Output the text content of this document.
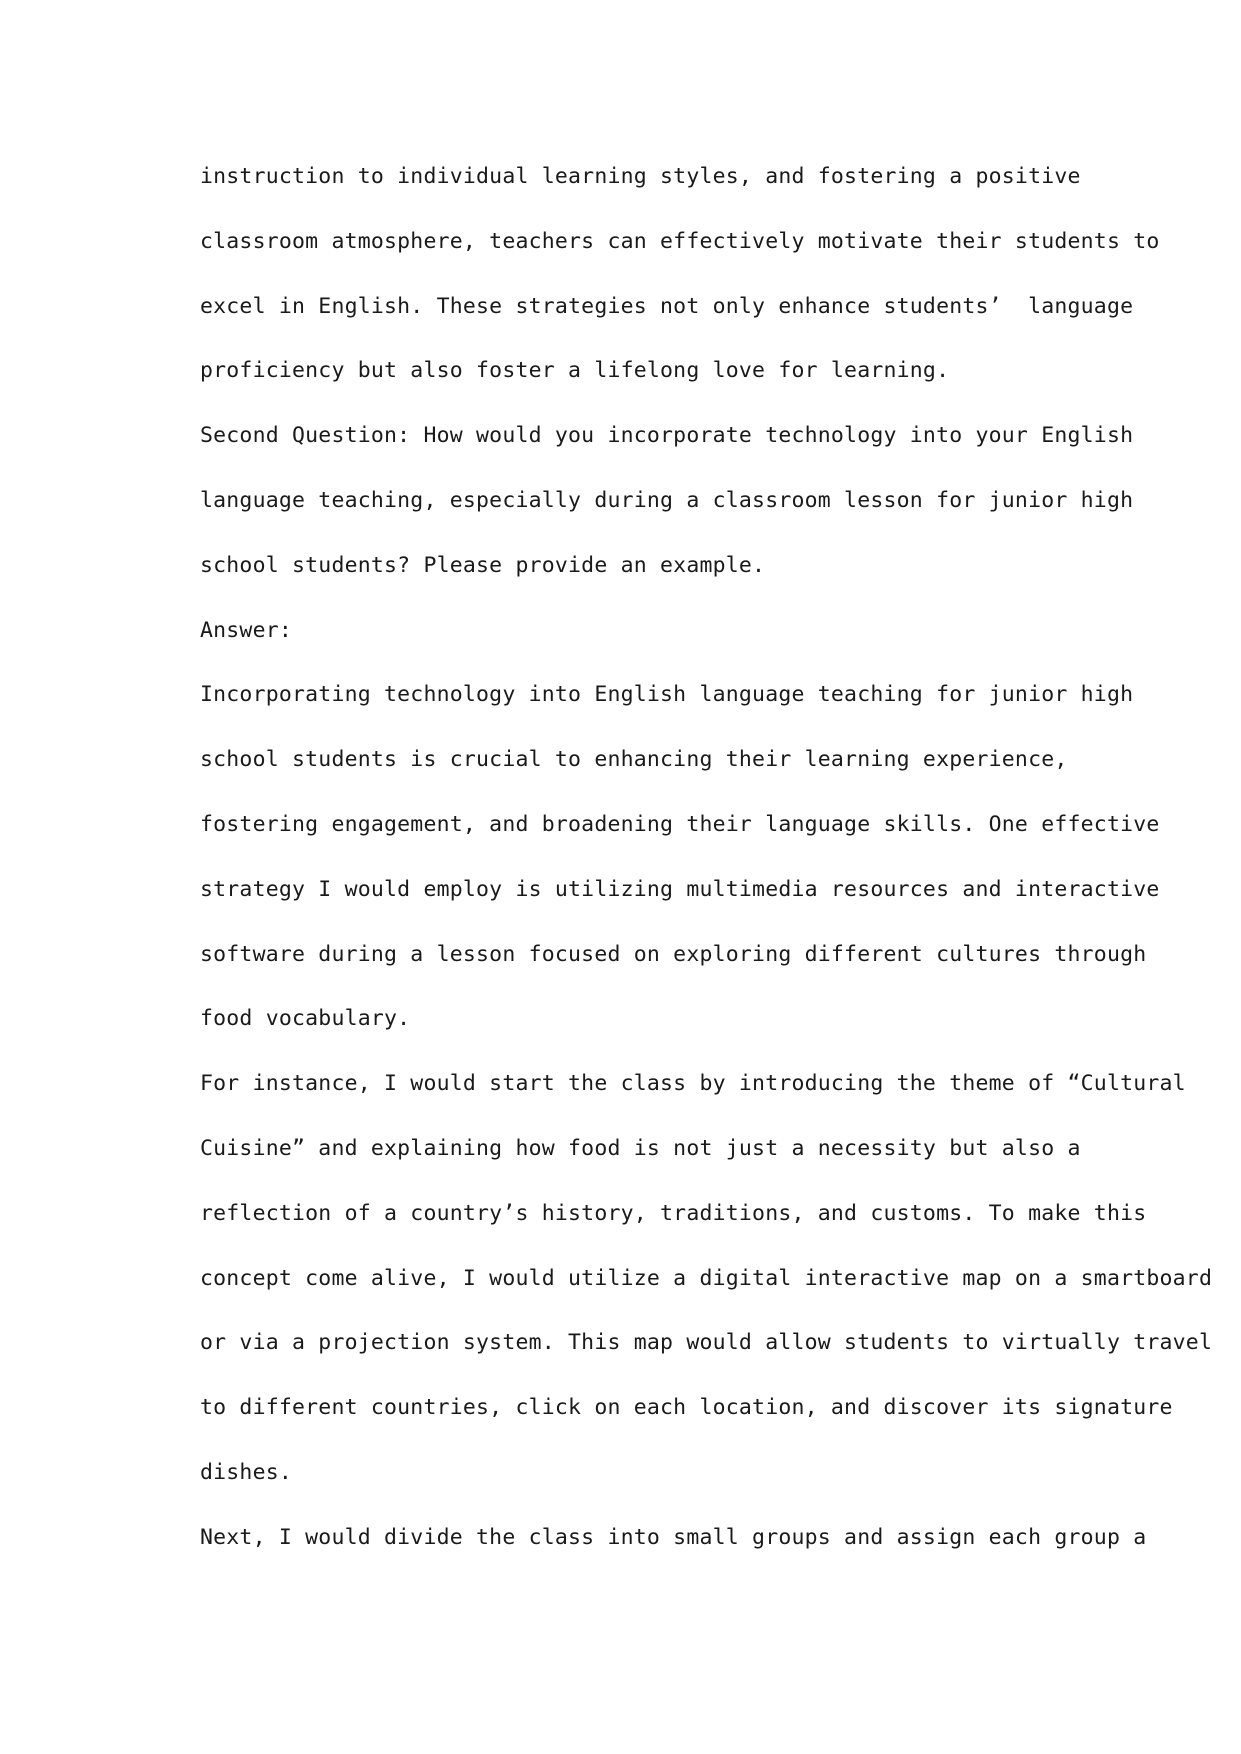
instruction to individual learning styles, and fostering a positive
classroom atmosphere, teachers can effectively motivate their students to
excel in English. These strategies not only enhance students’  language
proficiency but also foster a lifelong love for learning.
Second Question: How would you incorporate technology into your English
language teaching, especially during a classroom lesson for junior high
school students? Please provide an example.
Answer:
Incorporating technology into English language teaching for junior high
school students is crucial to enhancing their learning experience,
fostering engagement, and broadening their language skills. One effective
strategy I would employ is utilizing multimedia resources and interactive
software during a lesson focused on exploring different cultures through
food vocabulary.
For instance, I would start the class by introducing the theme of “Cultural
Cuisine” and explaining how food is not just a necessity but also a
reflection of a country’s history, traditions, and customs. To make this
concept come alive, I would utilize a digital interactive map on a smartboard
or via a projection system. This map would allow students to virtually travel
to different countries, click on each location, and discover its signature
dishes.
Next, I would divide the class into small groups and assign each group a
